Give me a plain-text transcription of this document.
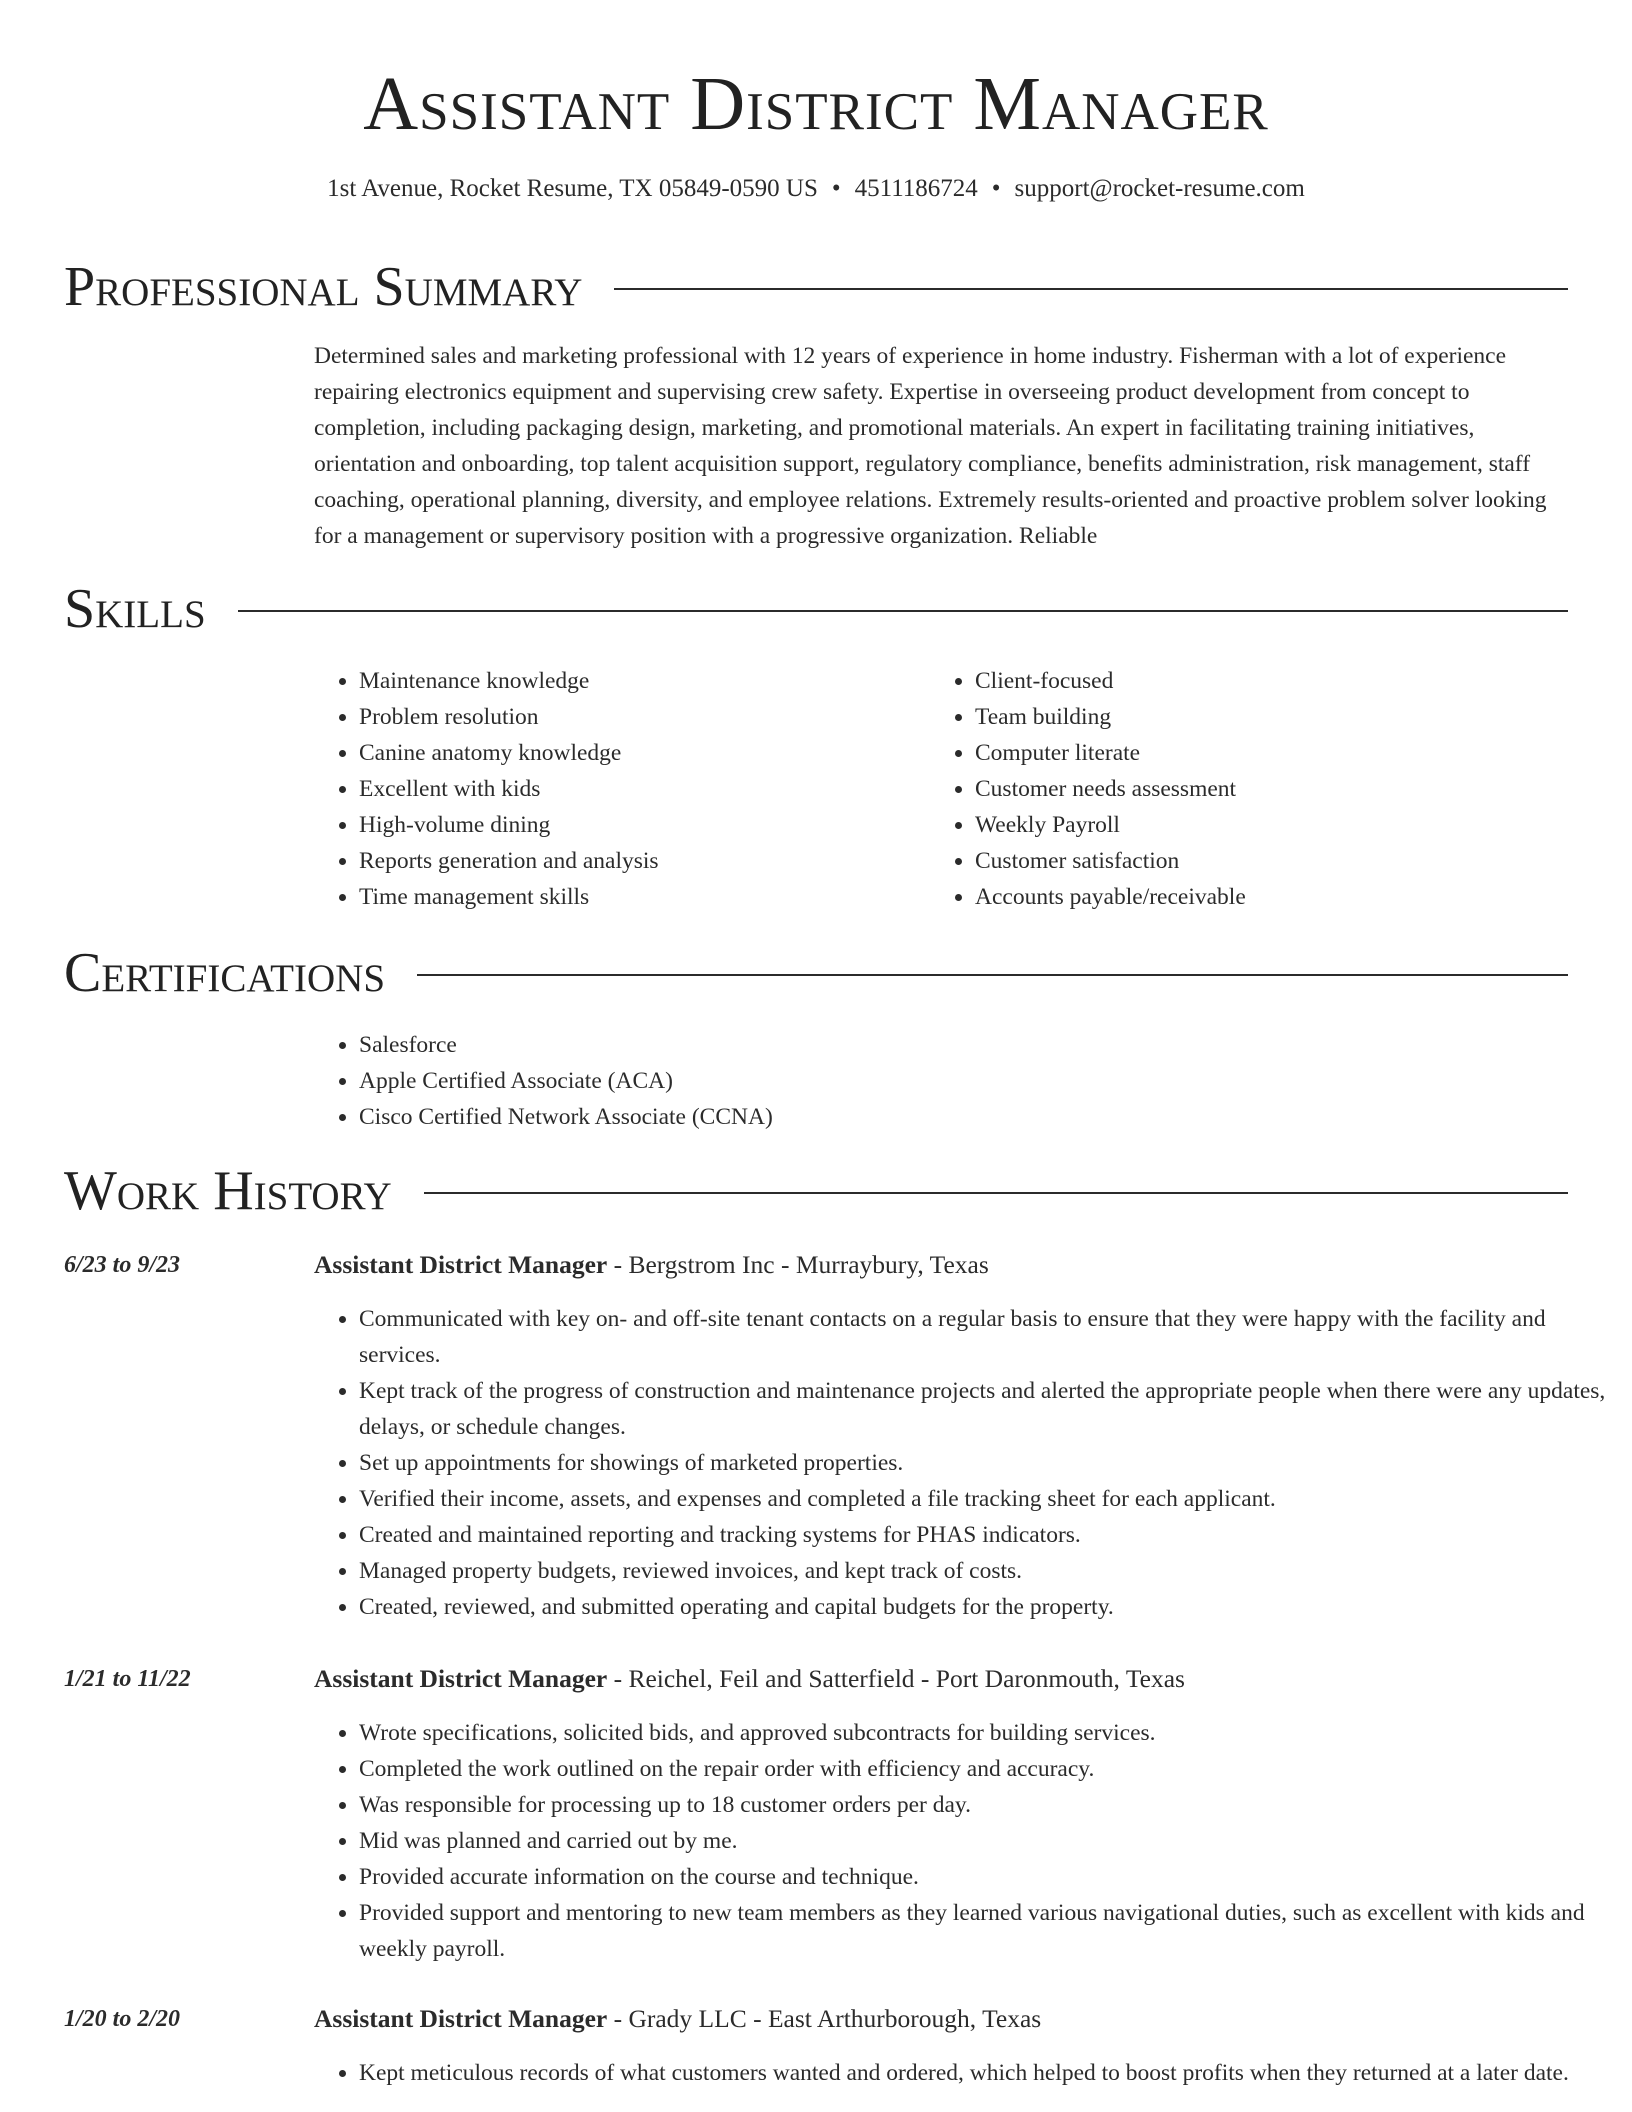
Assistant District Manager
1st Avenue, Rocket Resume, TX 05849-0590 US • 4511186724 • support@rocket-resume.com
Professional Summary

Determined sales and marketing professional with 12 years of experience in home industry. Fisherman with a lot of experience repairing electronics equipment and supervising crew safety. Expertise in overseeing product development from concept to completion, including packaging design, marketing, and promotional materials. An expert in facilitating training initiatives, orientation and onboarding, top talent acquisition support, regulatory compliance, benefits administration, risk management, staff coaching, operational planning, diversity, and employee relations. Extremely results-oriented and proactive problem solver looking for a management or supervisory position with a progressive organization. Reliable

Skills
• Maintenance knowledge
• Problem resolution
• Canine anatomy knowledge
• Excellent with kids
• High-volume dining
• Reports generation and analysis
• Time management skills
• Client-focused
• Team building
• Computer literate
• Customer needs assessment
• Weekly Payroll
• Customer satisfaction
• Accounts payable/receivable
Certifications
• Salesforce
• Apple Certified Associate (ACA)
• Cisco Certified Network Associate (CCNA)
Work History
6/23 to 9/23	Assistant District Manager - Bergstrom Inc - Murraybury, Texas
• Communicated with key on- and off-site tenant contacts on a regular basis to ensure that they were happy with the facility and services.
• Kept track of the progress of construction and maintenance projects and alerted the appropriate people when there were any updates, delays, or schedule changes.
• Set up appointments for showings of marketed properties.
• Verified their income, assets, and expenses and completed a file tracking sheet for each applicant.
• Created and maintained reporting and tracking systems for PHAS indicators.
• Managed property budgets, reviewed invoices, and kept track of costs.
• Created, reviewed, and submitted operating and capital budgets for the property.
1/21 to 11/22	Assistant District Manager - Reichel, Feil and Satterfield - Port Daronmouth, Texas
• Wrote specifications, solicited bids, and approved subcontracts for building services.
• Completed the work outlined on the repair order with efficiency and accuracy.
• Was responsible for processing up to 18 customer orders per day.
• Mid was planned and carried out by me.
• Provided accurate information on the course and technique.
• Provided support and mentoring to new team members as they learned various navigational duties, such as excellent with kids and weekly payroll.
1/20 to 2/20	Assistant District Manager - Grady LLC - East Arthurborough, Texas
• Kept meticulous records of what customers wanted and ordered, which helped to boost profits when they returned at a later date.
